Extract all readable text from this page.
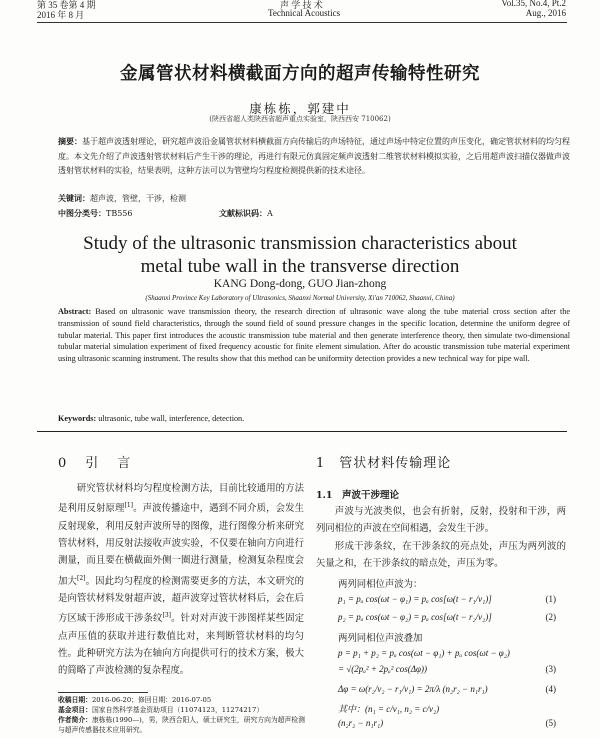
第 35 卷第 4 期
2016 年 8 月
声 学 技 术
Technical Acoustics
Vol.35, No.4, Pt.2
Aug., 2016
金属管状材料横截面方向的超声传输特性研究
康栋栋，郭建中
(陕西省超人类陕西省超声重点实验室，陕西西安 710062)
摘要：基于超声波透射理论，研究超声波沿金属管状材料横截面方向传输后的声场特征，通过声场中特定位置的声压变化，确定管状材料的均匀程度。本文先介绍了声波透射管状材料后产生干涉的理论，再进行有限元仿真固定频声波透射二维管状材料模拟实验，之后用超声波扫描仪器做声波透射管状材料的实验，结果表明，这种方法可以为管壁均匀程度检测提供新的技术途径。
关键词：超声波，管壁，干涉，检测
中图分类号：TB556	文献标识码：A
Study of the ultrasonic transmission characteristics about metal tube wall in the transverse direction
KANG Dong-dong, GUO Jian-zhong
(Shaanxi Province Key Laboratory of Ultrasonics, Shaanxi Normal University, Xi'an 710062, Shaanxi, China)
Abstract: Based on ultrasonic wave transmission theory, the research direction of ultrasonic wave along the tube material cross section after the transmission of sound field characteristics, through the sound field of sound pressure changes in the specific location, determine the uniform degree of tubular material. This paper first introduces the acoustic transmission tube material and then generate interference theory, then simulate two-dimensional tubular material simulation experiment of fixed frequency acoustic for finite element simulation. After do acoustic transmission tube material experiment using ultrasonic scanning instrument. The results show that this method can be uniformity detection provides a new technical way for pipe wall.
Keywords: ultrasonic, tube wall, interference, detection.
0　引　言

研究管状材料均匀程度检测方法，目前比较通用的方法是利用反射原理[1]。声波传播途中，遇到不同介质，会发生反射现象，利用反射声波所导的图像，进行图像分析来研究管状材料，用反射法接收声波实验，不仅要在轴向方向进行测量，而且要在横截面外侧一圈进行测量，检测复杂程度会加大[2]。因此均匀程度的检测需要更多的方法，本文研究的是向管状材料发射超声波，超声波穿过管状材料后，会在后方区域干涉形成干涉条纹[3]。针对对声波干涉图样某些固定点声压值的获取并进行数值比对，来判断管状材料的均匀性。此种研究方法为在轴向方向提供可行的技术方案，极大的简略了声波检测的复杂程度。

收稿日期：2016-06-20；修回日期：2016-07-05
基金项目：国家自然科学基金资助项目（11074123，11274217）
作者简介：康栋栋(1990—)，男，陕西合阳人，硕士研究生，研究方向为超声检测与超声传感器技术应用研究。
1　管状材料传输理论
1.1　声波干涉理论

声波与光波类似，也会有折射，反射，投射和干涉，两列同相位的声波在空间相遇，会发生干涉。

形成干涉条纹，在干涉条纹的亮点处，声压为两列波的矢量之和，在干涉条纹的暗点处，声压为零。

两列同相位声波为：
p₁ = pₐ cos(ωt − φ₁) = pₐ cos[ω(t − r₁/v₁)]	(1)
p₂ = pₐ cos(ωt − φ₂) = pₐ cos[ω(t − r₂/v₂)]	(2)
两列同相位声波叠加
p = p₁ + p₂ = pₐ cos(ωt − φ₁) + pₐ cos(ωt − φ₂)
= √(2pₐ² + 2pₐ² cos(Δφ))	(3)
Δφ = ω(r₂/v₂ − r₁/v₁) = 2π/λ (n₂r₂ − n₁r₁)	(4)
其中：(n₁ = c/v₁, n₂ = c/v₂)
(n₂r₂ − n₁r₁)	(5)
